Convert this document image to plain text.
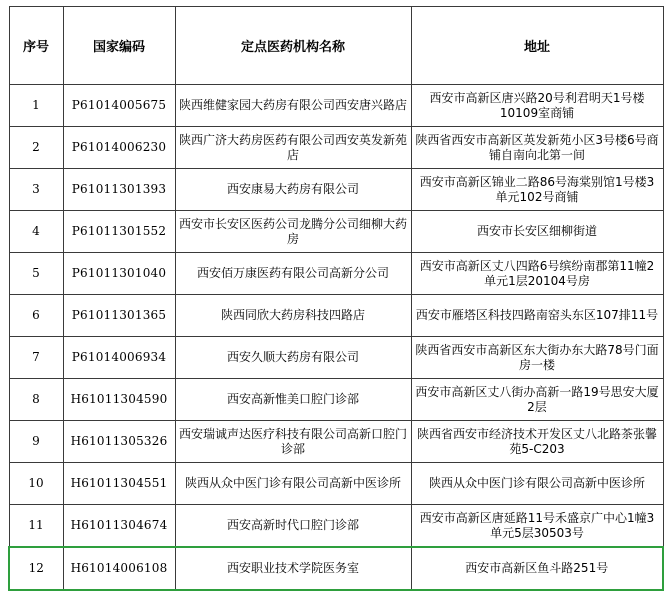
序号	国家编码	定点医药机构名称	地址
1	P61014005675	陕西维健家园大药房有限公司西安唐兴路店	西安市高新区唐兴路20号利君明天1号楼10109室商铺
2	P61014006230	陕西广济大药房医药有限公司西安英发新苑店	陕西省西安市高新区英发新苑小区3号楼6号商铺自南向北第一间
3	P61011301393	西安康易大药房有限公司	西安市高新区锦业二路86号海棠别馆1号楼3单元102号商铺
4	P61011301552	西安市长安区医药公司龙腾分公司细柳大药房	西安市长安区细柳街道
5	P61011301040	西安佰万康医药有限公司高新分公司	西安市高新区丈八四路6号缤纷南郡第11幢2单元1层20104号房
6	P61011301365	陕西同欣大药房科技四路店	西安市雁塔区科技四路南窑头东区107排11号
7	P61014006934	西安久顺大药房有限公司	陕西省西安市高新区东大街办东大路78号门面房一楼
8	H61011304590	西安高新惟美口腔门诊部	西安市高新区丈八街办高新一路19号思安大厦2层
9	H61011305326	西安瑞诚声达医疗科技有限公司高新口腔门诊部	陕西省西安市经济技术开发区丈八北路茶张馨苑5-C203
10	H61011304551	陕西从众中医门诊有限公司高新中医诊所	陕西从众中医门诊有限公司高新中医诊所
11	H61011304674	西安高新时代口腔门诊部	西安市高新区唐延路11号禾盛京广中心1幢3单元5层30503号
12	H61014006108	西安职业技术学院医务室	西安市高新区鱼斗路251号
